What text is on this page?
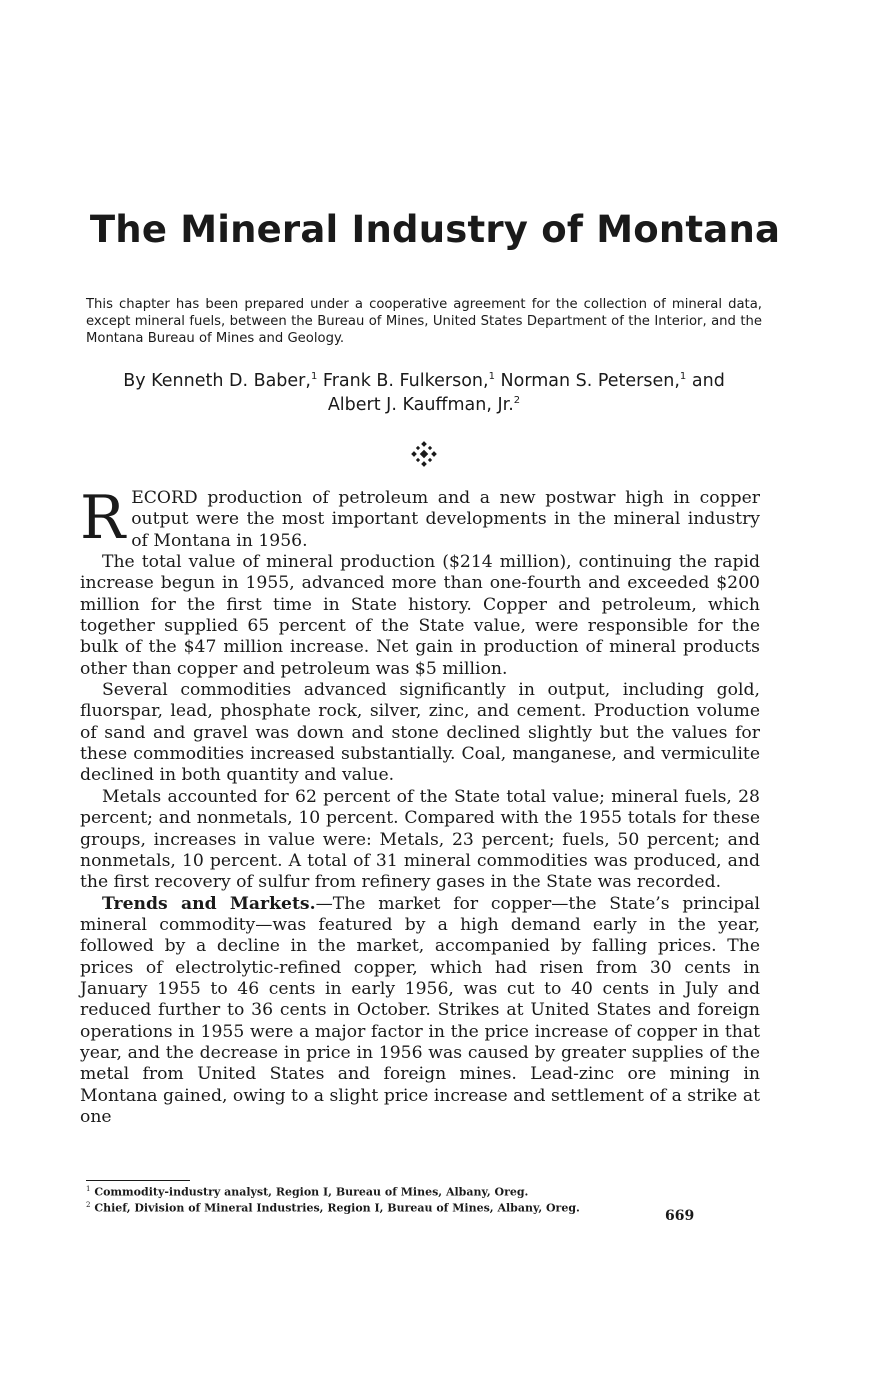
The Mineral Industry of Montana
This chapter has been prepared under a cooperative agreement for the collection of mineral data, except mineral fuels, between the Bureau of Mines, United States Department of the Interior, and the Montana Bureau of Mines and Geology.
By Kenneth D. Baber,$^1$ Frank B. Fulkerson,$^1$ Norman S. Petersen,$^1$ and
Albert J. Kauffman, Jr.$^2$

RECORD production of petroleum and a new postwar high in copper output were the most important developments in the mineral industry of Montana in 1956.

The total value of mineral production ($214 million), continuing the rapid increase begun in 1955, advanced more than one-fourth and exceeded $200 million for the first time in State history. Copper and petroleum, which together supplied 65 percent of the State value, were responsible for the bulk of the $47 million increase. Net gain in production of mineral products other than copper and petroleum was $5 million.

Several commodities advanced significantly in output, including gold, fluorspar, lead, phosphate rock, silver, zinc, and cement. Production volume of sand and gravel was down and stone declined slightly but the values for these commodities increased substantially. Coal, manganese, and vermiculite declined in both quantity and value.

Metals accounted for 62 percent of the State total value; mineral fuels, 28 percent; and nonmetals, 10 percent. Compared with the 1955 totals for these groups, increases in value were: Metals, 23 percent; fuels, 50 percent; and nonmetals, 10 percent. A total of 31 mineral commodities was produced, and the first recovery of sulfur from refinery gases in the State was recorded.

Trends and Markets.—The market for copper—the State’s principal mineral commodity—was featured by a high demand early in the year, followed by a decline in the market, accompanied by falling prices. The prices of electrolytic-refined copper, which had risen from 30 cents in January 1955 to 46 cents in early 1956, was cut to 40 cents in July and reduced further to 36 cents in October. Strikes at United States and foreign operations in 1955 were a major factor in the price increase of copper in that year, and the decrease in price in 1956 was caused by greater supplies of the metal from United States and foreign mines. Lead-zinc ore mining in Montana gained, owing to a slight price increase and settlement of a strike at one

$^1$ Commodity-industry analyst, Region I, Bureau of Mines, Albany, Oreg.
$^2$ Chief, Division of Mineral Industries, Region I, Bureau of Mines, Albany, Oreg.	669
